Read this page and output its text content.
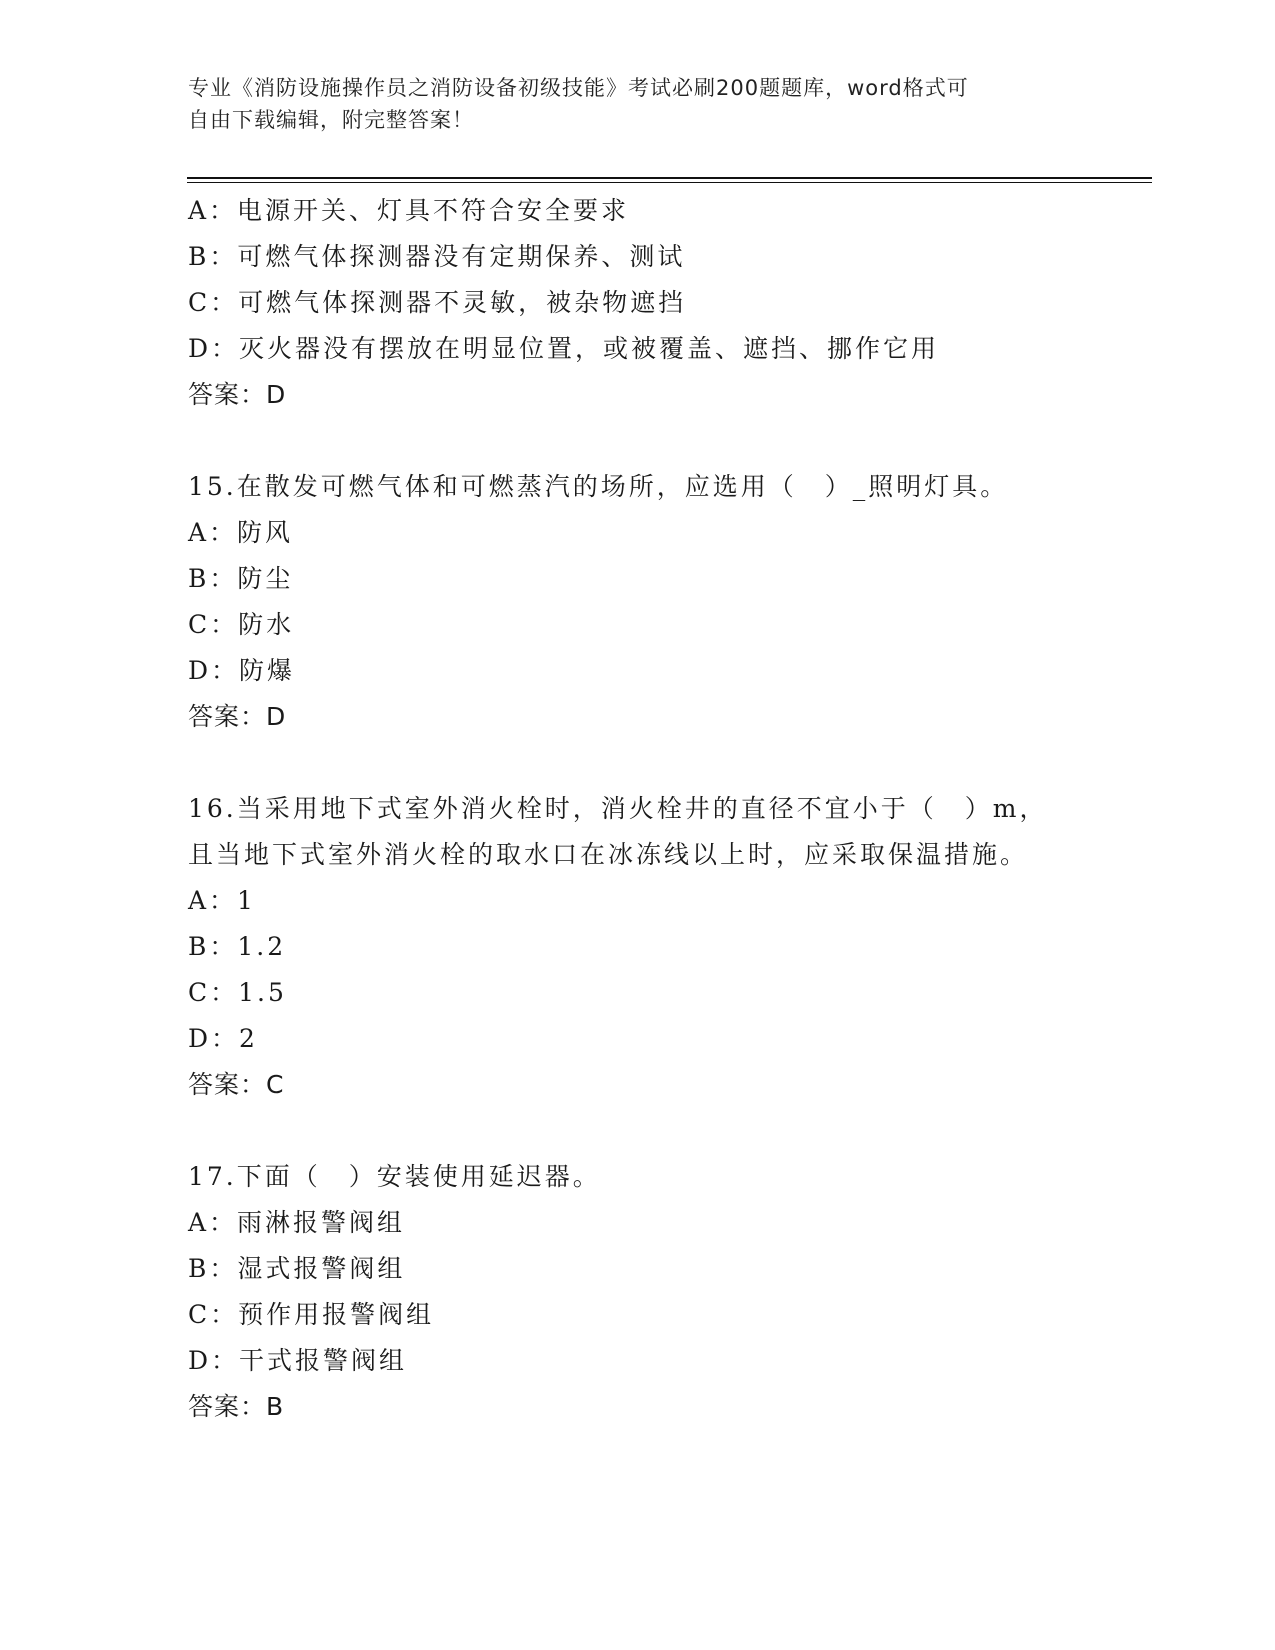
专业《消防设施操作员之消防设备初级技能》考试必刷200题题库，word格式可
自由下载编辑，附完整答案！
A：电源开关、灯具不符合安全要求
B：可燃气体探测器没有定期保养、测试
C：可燃气体探测器不灵敏，被杂物遮挡
D：灭火器没有摆放在明显位置，或被覆盖、遮挡、挪作它用
答案：D
15.在散发可燃气体和可燃蒸汽的场所，应选用（　）_照明灯具。
A：防风
B：防尘
C：防水
D：防爆
答案：D
16.当采用地下式室外消火栓时，消火栓井的直径不宜小于（　）m，
且当地下式室外消火栓的取水口在冰冻线以上时，应采取保温措施。
A：1
B：1.2
C：1.5
D：2
答案：C
17.下面（　）安装使用延迟器。
A：雨淋报警阀组
B：湿式报警阀组
C：预作用报警阀组
D：干式报警阀组
答案：B
